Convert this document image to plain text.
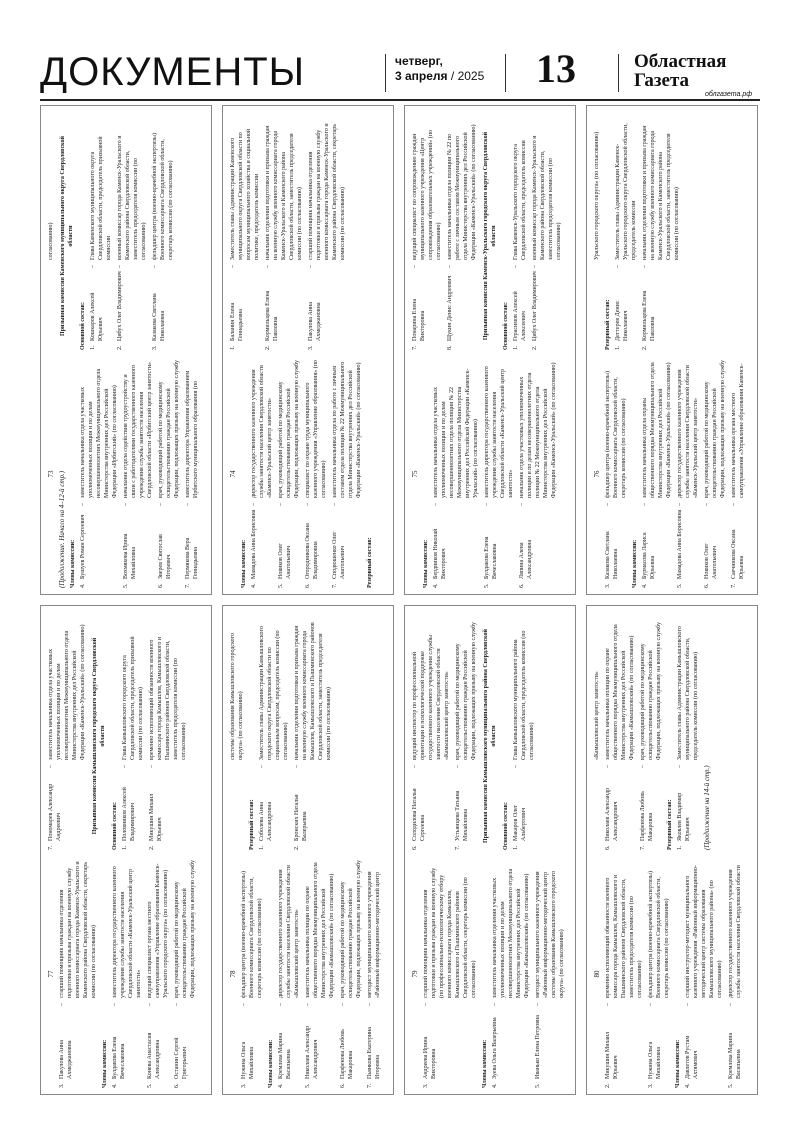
ДОКУМЕНТЫ	четверг,
3 апреля / 2025 13	Областная
Газета
облгазета.рф
73 (Продолжение. Начало на 4–12-й стр.) Члены комиссии: 4.
Бушуев Роман Сергеевич
–
заместитель начальника отдела участковых уполномоченных полиции и по делам несовершеннолетних Межмуниципального отдела Министерства внутренних дел Российской Федерации «Ирбитский» (по согласованию)
5.
Вохмякова Ирина Михайловна
–
начальник отдела содействия трудоустройству и связи с работодателями государственного казенного учреждения службы занятости населения Свердловской области «Ирбитский центр занятости»
6.
Зверев Святослав Игоревич
–
врач, руководящий работой по медицинскому освидетельствованию граждан Российской Федерации, подлежащих призыву на военную службу
7.
Пермякова Вера Геннадьевна
–
заместитель директора Управления образованием Ирбитского муниципального образования (по согласованию)	Призывная комиссия Каменского муниципального округа Свердловской области
Основной состав: 1.
Кошкаров Алексей Юрьевич
–
Глава Каменского муниципального округа Свердловской области, председатель призывной комиссии
2.
Цибух Олег Владимирович
–
военный комиссар города Каменск-Уральского и Каменского района Свердловской области, заместитель председателя комиссии (по согласованию)
3.
Казакова Светлана Николаевна
–
фельдшер центра (военно-врачебной экспертизы) Военного комиссариата Свердловской области, секретарь комиссии (по согласованию)
74
Члены комиссии: 4.
Мамадова Анна Борисовна
–
директор государственного казенного учреждения службы занятости населения Свердловской области «Каменск-Уральский центр занятости»
5.
Новиков Олег Анатольевич
–
врач, руководящий работой по медицинскому освидетельствованию граждан Российской Федерации, подлежащих призыву на военную службу
6.
Огородникова Оксана Владимировна
–
специалист по охране труда муниципального казенного учреждения «Управление образования» (по согласованию)
7.
Сподюшенко Олег Анатольевич
–
заместитель начальника отдела по работе с личным составом отдела полиции № 22 Межмуниципального отдела Министерства внутренних дел Российской Федерации «Каменск-Уральский» (по согласованию)
Резервный состав:
1.
Баланин Елена Геннадьевна
–
Заместитель главы Администрации Каменского муниципального округа Свердловской области по вопросам муниципального хозяйства и социальной политике, председатель комиссии
2.
Кормильцева Елена Павловна
–
начальник отделения подготовки и призыва граждан на военную службу военного комиссариата города Каменск-Уральского и Каменского района Свердловской области, заместитель председателя комиссии (по согласованию)
3.
Пакулова Анна Ахмеджановна
–
старший помощник начальника отделения подготовки и призыва граждан на военную службу военного комиссариата города Каменск-Уральского и Каменского района Свердловской области, секретарь комиссии (по согласованию)
75
Члены комиссии: 4.
Бердников Николай Викторович
–
заместитель начальника отдела участковых уполномоченных полиции и по делам несовершеннолетних отдела полиции № 22 Межмуниципального отдела Министерства внутренних дел Российской Федерации «Каменск-Уральский» (по согласованию)
5.
Булдакова Елена Вячеславовна
–
заместитель директора государственного казенного учреждения службы занятости населения Свердловской области «Каменск-Уральский центр занятости»
6.
Ляпина Алена Александровна
–
начальник отдела участковых уполномоченных полиции и по делам несовершеннолетних отдела полиции № 22 Межмуниципального отдела Министерства внутренних дел Российской Федерации «Каменск-Уральский» (по согласованию)
7.
Понарина Елена Викторовна
–
ведущий специалист по сопровождению граждан муниципального казенного учреждения «Центр сопровождения образовательных учреждений» (по согласованию)
8.
Щукин Денис Андреевич
–
заместитель начальника отдела полиции № 22 по работе с личным составом Межмуниципального отдела Министерства внутренних дел Российской Федерации «Каменск-Уральский» (по согласованию) Призывная комиссия Каменск-Уральского городского округа Свердловской области
Основной состав: 1.
Герасимов Алексей Алексеевич
–
Глава Каменск-Уральского городского округа Свердловской области, председатель комиссии
2.
Цибух Олег Владимирович
–
военный комиссар города Каменск-Уральского и Каменского района Свердловской области, заместитель председателя комиссии (по согласованию)
76
3.
Казакова Светлана Николаевна
–
фельдшер центра (военно-врачебной экспертизы) Военного комиссариата Свердловской области, секретарь комиссии (по согласованию)
Члены комиссии: 4.
Бурмасова Лариса Юрьевна
–
заместитель начальника отдела охраны общественного порядка Межмуниципального отдела Министерства внутренних дел Российской Федерации «Каменск-Уральский» (по согласованию)
5.
Мамадова Анна Борисовна
–
директор государственного казенного учреждения службы занятости населения Свердловской области «Каменск-Уральский центр занятости»
6.
Новиков Олег Анатольевич
–
врач, руководящий работой по медицинскому освидетельствованию граждан Российской Федерации, подлежащих призыву на военную службу
7.
Саечникова Оксана Юрьевна
–
заместитель начальника органа местного самоуправления «Управление образования Каменск-Уральского городского округа» (по согласованию)
Резервный состав: 1.
Дегтерев Денис Николаевич
–
Заместитель главы Администрации Каменск-Уральского городского округа Свердловской области, председатель комиссии
2.
Кормильцева Елена Павловна
–
начальник отделения подготовки и призыва граждан на военную службу военного комиссариата города Каменск-Уральского и Каменского района Свердловской области, заместитель председателя комиссии (по согласованию)
77
3.
Пакулова Анна Ахмеджановна
–
старший помощник начальника отделения подготовки и призыва граждан на военную службу военного комиссариата города Каменск-Уральского и Каменского района Свердловской области, секретарь комиссии (по согласованию)
Члены комиссии: 4.
Булдакова Елена Вячеславовна
–
заместитель директора государственного казенного учреждения службы занятости населения Свердловской области «Каменск-Уральский центр занятости»
5.
Конева Анастасия Александровна
–
ведущий специалист органа местного самоуправления «Управление образования Каменск-Уральского городского округа» (по согласованию)
6.
Останин Сергей Григорьевич
–
врач, руководящий работой по медицинскому освидетельствованию граждан Российской Федерации, подлежащих призыву на военную службу
7.
Пономарев Александр Андреевич
–
заместитель начальника отдела участковых уполномоченных полиции и по делам несовершеннолетних Межмуниципального отдела Министерства внутренних дел Российской Федерации «Каменск-Уральский» (по согласованию) Призывная комиссия Камышловского городского округа Свердловской области
Основной состав: 1.
Половников Алексей Владимирович
–
Глава Камышловского городского округа Свердловской области, председатель призывной комиссии (по согласованию)
2.
Микушин Михаил Юрьевич
–
временно исполняющий обязанности военного комиссара города Камышлов, Камышловского и Пышминского районов Свердловской области, заместитель председателя комиссии (по согласованию)
78
3.
Нужина Ольга Михайловна
–
фельдшер центра (военно-врачебной экспертизы) Военного комиссариата Свердловской области, секретарь комиссии (по согласованию)
Члены комиссии: 4.
Кремлева Марина Васильевна
–
директор государственного казенного учреждения службы занятости населения Свердловской области «Камышловский центр занятости»
5.
Николаев Александр Александрович
–
заместитель начальника полиции по охране общественного порядка Межмуниципального отдела Министерства внутренних дел Российской Федерации «Камышловский» (по согласованию)
6.
Парфенова Любовь Макаровна
–
врач, руководящий работой по медицинскому освидетельствованию граждан Российской Федерации, подлежащих призыву на военную службу
7.
Пьянкова Екатерина Игоревна
–
методист муниципального казенного учреждения «Районный информационно-методический центр системы образования Камышловского городского округа» (по согласованию)
Резервный состав: 1.
Соболева Анна Александровна
–
Заместитель главы Администрации Камышловского городского округа Свердловской области по социальным вопросам, председатель комиссии (по согласованию)
2.
Бронских Наталья Валерьевна
–
начальник отделения подготовки и призыва граждан на военную службу военного комиссариата города Камышлов, Камышловского и Пышминского районов Свердловской области, заместитель председателя комиссии (по согласованию)
79
3.
Андреева Ирина Викторовна
–
старший помощник начальника отделения подготовки и призыва граждан на военную службу (по профессионально-психологическому отбору военного комиссариата города Камышлов, Камышловского и Пышминского районов Свердловской области, секретарь комиссии (по согласованию)
Члены комиссии: 4.
Зуева Ольга Валерьевна
–
заместитель начальника отделения участковых уполномоченных полиции и по делам несовершеннолетних Межмуниципального отдела Министерства внутренних дел Российской Федерации «Камышловский» (по согласованию)
5.
Иванько Елена Петровна
–
методист муниципального казенного учреждения «Районный информационно-методический центр системы образования Камышловского городского округа» (по согласованию)
6.
Солодилова Наталья Сергеевна
–
ведущий инспектор по профессиональной ориентации и психологической поддержке государственного казенного учреждения службы занятости населения Свердловской области «Камышловский центр занятости»
7.
Устьянцева Татьяна Михайловна
–
врач, руководящий работой по медицинскому освидетельствованию граждан Российской Федерации, подлежащих призыву на военную службу Призывная комиссия Камышловского муниципального района Свердловской области
Основной состав: 1.
Макаров Олег Альбертович
–
Глава Камышловского муниципального района Свердловской области, председатель комиссии (по согласованию)
80
2.
Микушин Михаил Юрьевич
–
временно исполняющий обязанности военного комиссара города Камышлов, Камышловского и Пышминского районов Свердловской области, заместитель председателя комиссии (по согласованию)
3.
Нужина Ольга Михайловна
–
фельдшер центра (военно-врачебной экспертизы) Военного комиссариата Свердловской области, секретарь комиссии (по согласованию)
Члены комиссии: 4.
Давлетов Рустам Ахтямович
–
старший инструктор-методист муниципального казенного учреждения «Районный информационно-методический центр системы образования Камышловского муниципального района» (по согласованию)
5.
Кремлева Марина Васильевна
–
директор государственного казенного учреждения службы занятости населения Свердловской области «Камышловский центр занятости»
6.
Николаев Александр Александрович
–
заместитель начальника полиции по охране общественного порядка Межмуниципального отдела Министерства внутренних дел Российской Федерации «Камышловский» (по согласованию)
7.
Парфенова Любовь Макаровна
–
врач, руководящий работой по медицинскому освидетельствованию граждан Российской Федерации, подлежащих призыву на военную службу
Резервный состав: 1.
Яковлев Владимир Юрьевич
–
Заместитель главы Администрации Камышловского муниципального района Свердловской области, председатель комиссии (по согласованию)
(Продолжение на 14-й стр.)
